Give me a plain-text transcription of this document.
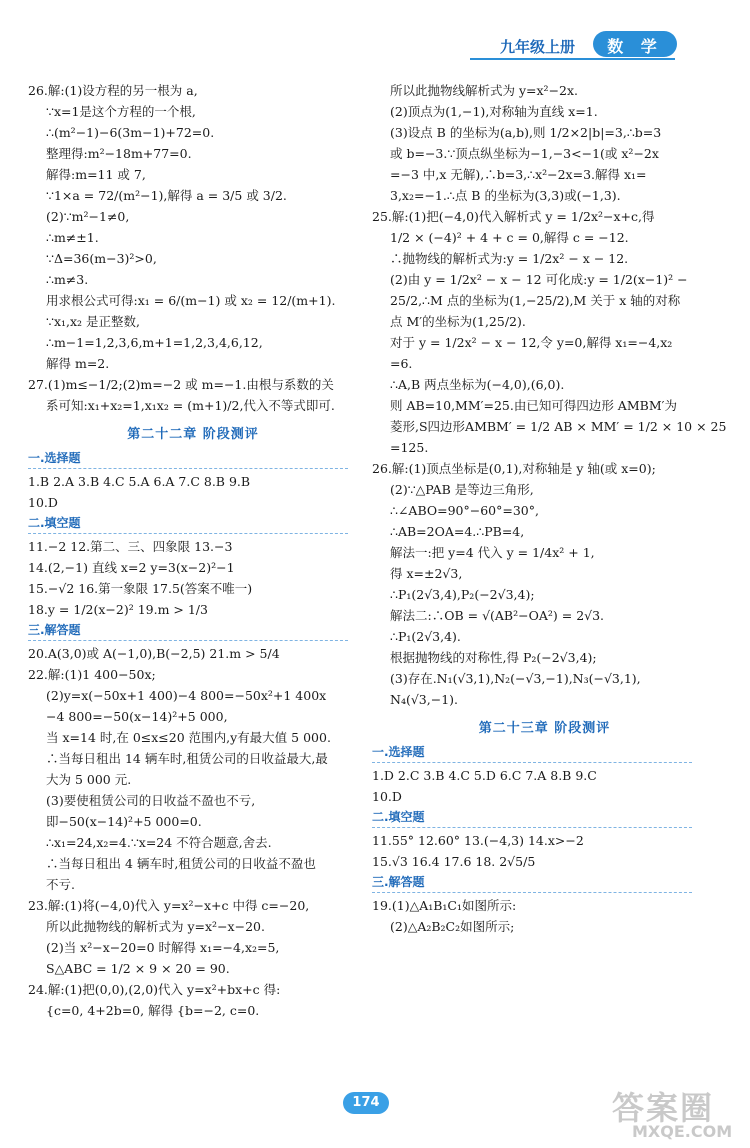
九年级上册	数 学
26.解:(1)设方程的另一根为 a,
∵x=1是这个方程的一个根,
∴(m²−1)−6(3m−1)+72=0.
整理得:m²−18m+77=0.
解得:m=11 或 7,
∵1×a = 72/(m²−1),解得 a = 3/5 或 3/2.
(2)∵m²−1≠0,
∴m≠±1.
∵Δ=36(m−3)²>0,
∴m≠3.
用求根公式可得:x₁ = 6/(m−1) 或 x₂ = 12/(m+1).
∵x₁,x₂ 是正整数,
∴m−1=1,2,3,6,m+1=1,2,3,4,6,12,
解得 m=2.
27.(1)m≤−1/2;(2)m=−2 或 m=−1.由根与系数的关
系可知:x₁+x₂=1,x₁x₂ = (m+1)/2,代入不等式即可.
第二十二章 阶段测评
一.选择题
1.B 2.A 3.B 4.C 5.A 6.A 7.C 8.B 9.B
10.D
二.填空题
11.−2 12.第二、三、四象限 13.−3
14.(2,−1) 直线 x=2 y=3(x−2)²−1
15.−√2 16.第一象限 17.5(答案不唯一)
18.y = 1/2(x−2)² 19.m > 1/3
三.解答题
20.A(3,0)或 A(−1,0),B(−2,5) 21.m > 5/4
22.解:(1)1 400−50x;
(2)y=x(−50x+1 400)−4 800=−50x²+1 400x
−4 800=−50(x−14)²+5 000,
当 x=14 时,在 0≤x≤20 范围内,y有最大值 5 000.
∴当每日租出 14 辆车时,租赁公司的日收益最大,最
大为 5 000 元.
(3)要使租赁公司的日收益不盈也不亏,
即−50(x−14)²+5 000=0.
∴x₁=24,x₂=4.∵x=24 不符合题意,舍去.
∴当每日租出 4 辆车时,租赁公司的日收益不盈也
不亏.
23.解:(1)将(−4,0)代入 y=x²−x+c 中得 c=−20,
所以此抛物线的解析式为 y=x²−x−20.
(2)当 x²−x−20=0 时解得 x₁=−4,x₂=5,
S△ABC = 1/2 × 9 × 20 = 90.
24.解:(1)把(0,0),(2,0)代入 y=x²+bx+c 得:
{c=0, 4+2b=0, 解得 {b=−2, c=0.
所以此抛物线解析式为 y=x²−2x.
(2)顶点为(1,−1),对称轴为直线 x=1.
(3)设点 B 的坐标为(a,b),则 1/2×2|b|=3,∴b=3
或 b=−3.∵顶点纵坐标为−1,−3<−1(或 x²−2x
=−3 中,x 无解),∴b=3,∴x²−2x=3.解得 x₁=
3,x₂=−1.∴点 B 的坐标为(3,3)或(−1,3).
25.解:(1)把(−4,0)代入解析式 y = 1/2x²−x+c,得
1/2 × (−4)² + 4 + c = 0,解得 c = −12.
∴抛物线的解析式为:y = 1/2x² − x − 12.
(2)由 y = 1/2x² − x − 12 可化成:y = 1/2(x−1)² −
25/2,∴M 点的坐标为(1,−25/2),M 关于 x 轴的对称
点 M′的坐标为(1,25/2).
对于 y = 1/2x² − x − 12,令 y=0,解得 x₁=−4,x₂
=6.
∴A,B 两点坐标为(−4,0),(6,0).
则 AB=10,MM′=25.由已知可得四边形 AMBM′为
菱形,S四边形AMBM′ = 1/2 AB × MM′ = 1/2 × 10 × 25
=125.
26.解:(1)顶点坐标是(0,1),对称轴是 y 轴(或 x=0);
(2)∵△PAB 是等边三角形,
∴∠ABO=90°−60°=30°,
∴AB=2OA=4.∴PB=4,
解法一:把 y=4 代入 y = 1/4x² + 1,
得 x=±2√3,
∴P₁(2√3,4),P₂(−2√3,4);
解法二:∴OB = √(AB²−OA²) = 2√3.
∴P₁(2√3,4).
根据抛物线的对称性,得 P₂(−2√3,4);
(3)存在.N₁(√3,1),N₂(−√3,−1),N₃(−√3,1),
N₄(√3,−1).
第二十三章 阶段测评
一.选择题
1.D 2.C 3.B 4.C 5.D 6.C 7.A 8.B 9.C
10.D
二.填空题
11.55° 12.60° 13.(−4,3) 14.x>−2
15.√3 16.4 17.6 18. 2√5/5
三.解答题
19.(1)△A₁B₁C₁如图所示:
(2)△A₂B₂C₂如图所示;
174	答案圈
MXQE.COM
